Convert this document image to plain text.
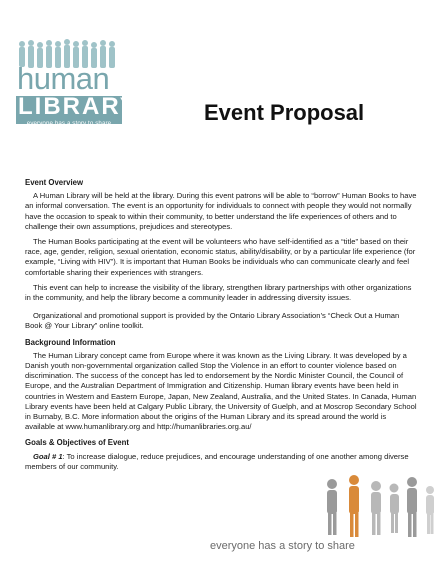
human
LIBRARY
everyone has a story to share	Event Proposal
Event Overview

A Human Library will be held at the library. During this event patrons will be able to “borrow” Human Books to have an informal conversation. The event is an opportunity for individuals to connect with people they would not normally have the occasion to speak to within their community, to better understand the life experiences of others and to challenge their own assumptions, prejudices and stereotypes.

The Human Books participating at the event will be volunteers who have self-identified as a “title” based on their race, age, gender, religion, sexual orientation, economic status, ability/disability, or by a particular life experience (for example, “Living with HIV”). It is important that Human Books be individuals who can communicate clearly and feel comfortable sharing their experiences with strangers.

This event can help to increase the visibility of the library, strengthen library partnerships with other organizations in the community, and help the library become a community leader in addressing diversity issues.

Organizational and promotional support is provided by the Ontario Library Association’s “Check Out a Human Book @ Your Library” online toolkit.

Background Information

The Human Library concept came from Europe where it was known as the Living Library. It was developed by a Danish youth non-governmental organization called Stop the Violence in an effort to counter violence based on discrimination. The success of the concept has led to endorsement by the Nordic Minister Council, the Council of Europe, and the Australian Department of Immigration and Citizenship. Human library events have been held in countries in Western and Eastern Europe, Japan, New Zealand, Australia, and the United States. In Canada, Human Library events have been held at Calgary Public Library, the University of Guelph, and at Moscrop Secondary School in Burnaby, B.C. More information about the origins of the Human Library and its spread around the world is available at www.humanlibrary.org and http://humanlibraries.org.au/

Goals & Objectives of Event

Goal # 1: To increase dialogue, reduce prejudices, and encourage understanding of one another among diverse members of our community.

everyone has a story to share
